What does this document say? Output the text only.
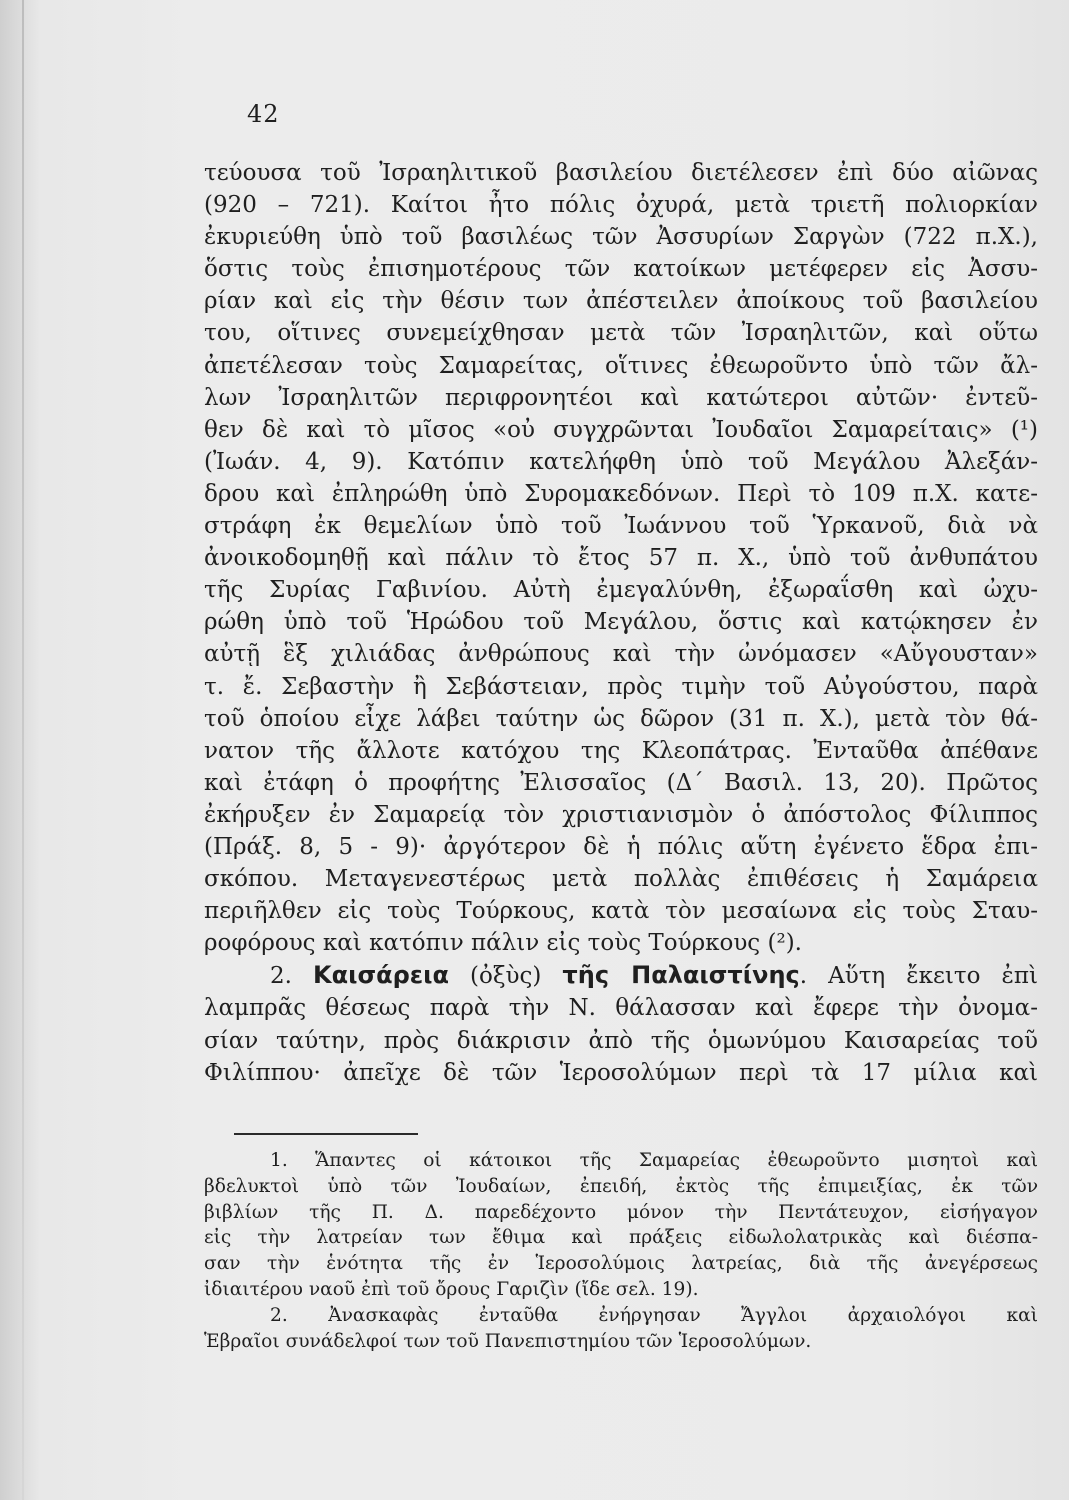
42
τεύουσα τοῦ Ἰσραηλιτικοῦ βασιλείου διετέλεσεν ἐπὶ δύο αἰῶνας
(920 – 721). Καίτοι ἦτο πόλις ὀχυρά, μετὰ τριετῆ πολιορκίαν
ἐκυριεύθη ὑπὸ τοῦ βασιλέως τῶν Ἀσσυρίων Σαργὼν (722 π.Χ.),
ὅστις τοὺς ἐπισημοτέρους τῶν κατοίκων μετέφερεν εἰς Ἀσσυ-
ρίαν καὶ εἰς τὴν θέσιν των ἀπέστειλεν ἀποίκους τοῦ βασιλείου
του, οἵτινες συνεμείχθησαν μετὰ τῶν Ἰσραηλιτῶν, καὶ οὕτω
ἀπετέλεσαν τοὺς Σαμαρείτας, οἵτινες ἐθεωροῦντο ὑπὸ τῶν ἄλ-
λων Ἰσραηλιτῶν περιφρονητέοι καὶ κατώτεροι αὐτῶν· ἐντεῦ-
θεν δὲ καὶ τὸ μῖσος «οὐ συγχρῶνται Ἰουδαῖοι Σαμαρείταις» (¹)
(Ἰωάν. 4, 9). Κατόπιν κατελήφθη ὑπὸ τοῦ Μεγάλου Ἀλεξάν-
δρου καὶ ἐπληρώθη ὑπὸ Συρομακεδόνων. Περὶ τὸ 109 π.Χ. κατε-
στράφη ἐκ θεμελίων ὑπὸ τοῦ Ἰωάννου τοῦ Ὑρκανοῦ, διὰ νὰ
ἀνοικοδομηθῇ καὶ πάλιν τὸ ἔτος 57 π. Χ., ὑπὸ τοῦ ἀνθυπάτου
τῆς Συρίας Γαβινίου. Αὐτὴ ἐμεγαλύνθη, ἐξωραΐσθη καὶ ὠχυ-
ρώθη ὑπὸ τοῦ Ἡρώδου τοῦ Μεγάλου, ὅστις καὶ κατῴκησεν ἐν
αὐτῇ ἓξ χιλιάδας ἀνθρώπους καὶ τὴν ὠνόμασεν «Αὔγουσταν»
τ. ἔ. Σεβαστὴν ἢ Σεβάστειαν, πρὸς τιμὴν τοῦ Αὐγούστου, παρὰ
τοῦ ὁποίου εἶχε λάβει ταύτην ὡς δῶρον (31 π. Χ.), μετὰ τὸν θά-
νατον τῆς ἄλλοτε κατόχου της Κλεοπάτρας. Ἐνταῦθα ἀπέθανε
καὶ ἐτάφη ὁ προφήτης Ἐλισσαῖος (Δ΄ Βασιλ. 13, 20). Πρῶτος
ἐκήρυξεν ἐν Σαμαρείᾳ τὸν χριστιανισμὸν ὁ ἀπόστολος Φίλιππος
(Πράξ. 8, 5 - 9)· ἀργότερον δὲ ἡ πόλις αὕτη ἐγένετο ἕδρα ἐπι-
σκόπου. Μεταγενεστέρως μετὰ πολλὰς ἐπιθέσεις ἡ Σαμάρεια
περιῆλθεν εἰς τοὺς Τούρκους, κατὰ τὸν μεσαίωνα εἰς τοὺς Σταυ-
ροφόρους καὶ κατόπιν πάλιν εἰς τοὺς Τούρκους (²).
2. Καισάρεια (ὀξὺς) τῆς Παλαιστίνης. Αὕτη ἔκειτο ἐπὶ
λαμπρᾶς θέσεως παρὰ τὴν Ν. θάλασσαν καὶ ἔφερε τὴν ὀνομα-
σίαν ταύτην, πρὸς διάκρισιν ἀπὸ τῆς ὁμωνύμου Καισαρείας τοῦ
Φιλίππου· ἀπεῖχε δὲ τῶν Ἱεροσολύμων περὶ τὰ 17 μίλια καὶ
1. Ἅπαντες οἱ κάτοικοι τῆς Σαμαρείας ἐθεωροῦντο μισητοὶ καὶ
βδελυκτοὶ ὑπὸ τῶν Ἰουδαίων, ἐπειδή, ἐκτὸς τῆς ἐπιμειξίας, ἐκ τῶν
βιβλίων τῆς Π. Δ. παρεδέχοντο μόνον τὴν Πεντάτευχον, εἰσήγαγον
εἰς τὴν λατρείαν των ἔθιμα καὶ πράξεις εἰδωλολατρικὰς καὶ διέσπα-
σαν τὴν ἑνότητα τῆς ἐν Ἱεροσολύμοις λατρείας, διὰ τῆς ἀνεγέρσεως
ἰδιαιτέρου ναοῦ ἐπὶ τοῦ ὄρους Γαριζὶν (ἴδε σελ. 19).
2. Ἀνασκαφὰς ἐνταῦθα ἐνήργησαν Ἄγγλοι ἀρχαιολόγοι καὶ
Ἑβραῖοι συνάδελφοί των τοῦ Πανεπιστημίου τῶν Ἱεροσολύμων.
